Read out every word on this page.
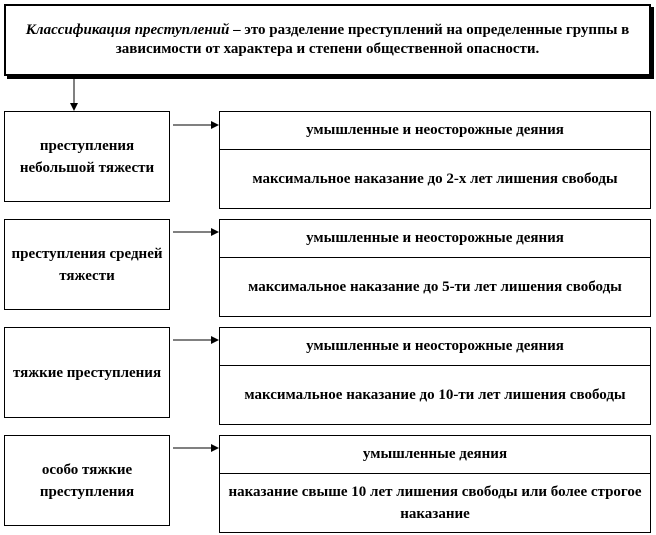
Классификация преступлений – это разделение преступлений на определенные группы в зависимости от характера и степени общественной опасности.
преступления небольшой тяжести
умышленные и неосторожные деяния
максимальное наказание до 2-х лет лишения свободы
преступления средней тяжести
умышленные и неосторожные деяния
максимальное наказание до 5-ти лет лишения свободы
тяжкие преступления
умышленные и неосторожные деяния
максимальное наказание до 10-ти лет лишения свободы
особо тяжкие преступления
умышленные деяния
наказание свыше 10 лет лишения свободы или более строгое наказание
